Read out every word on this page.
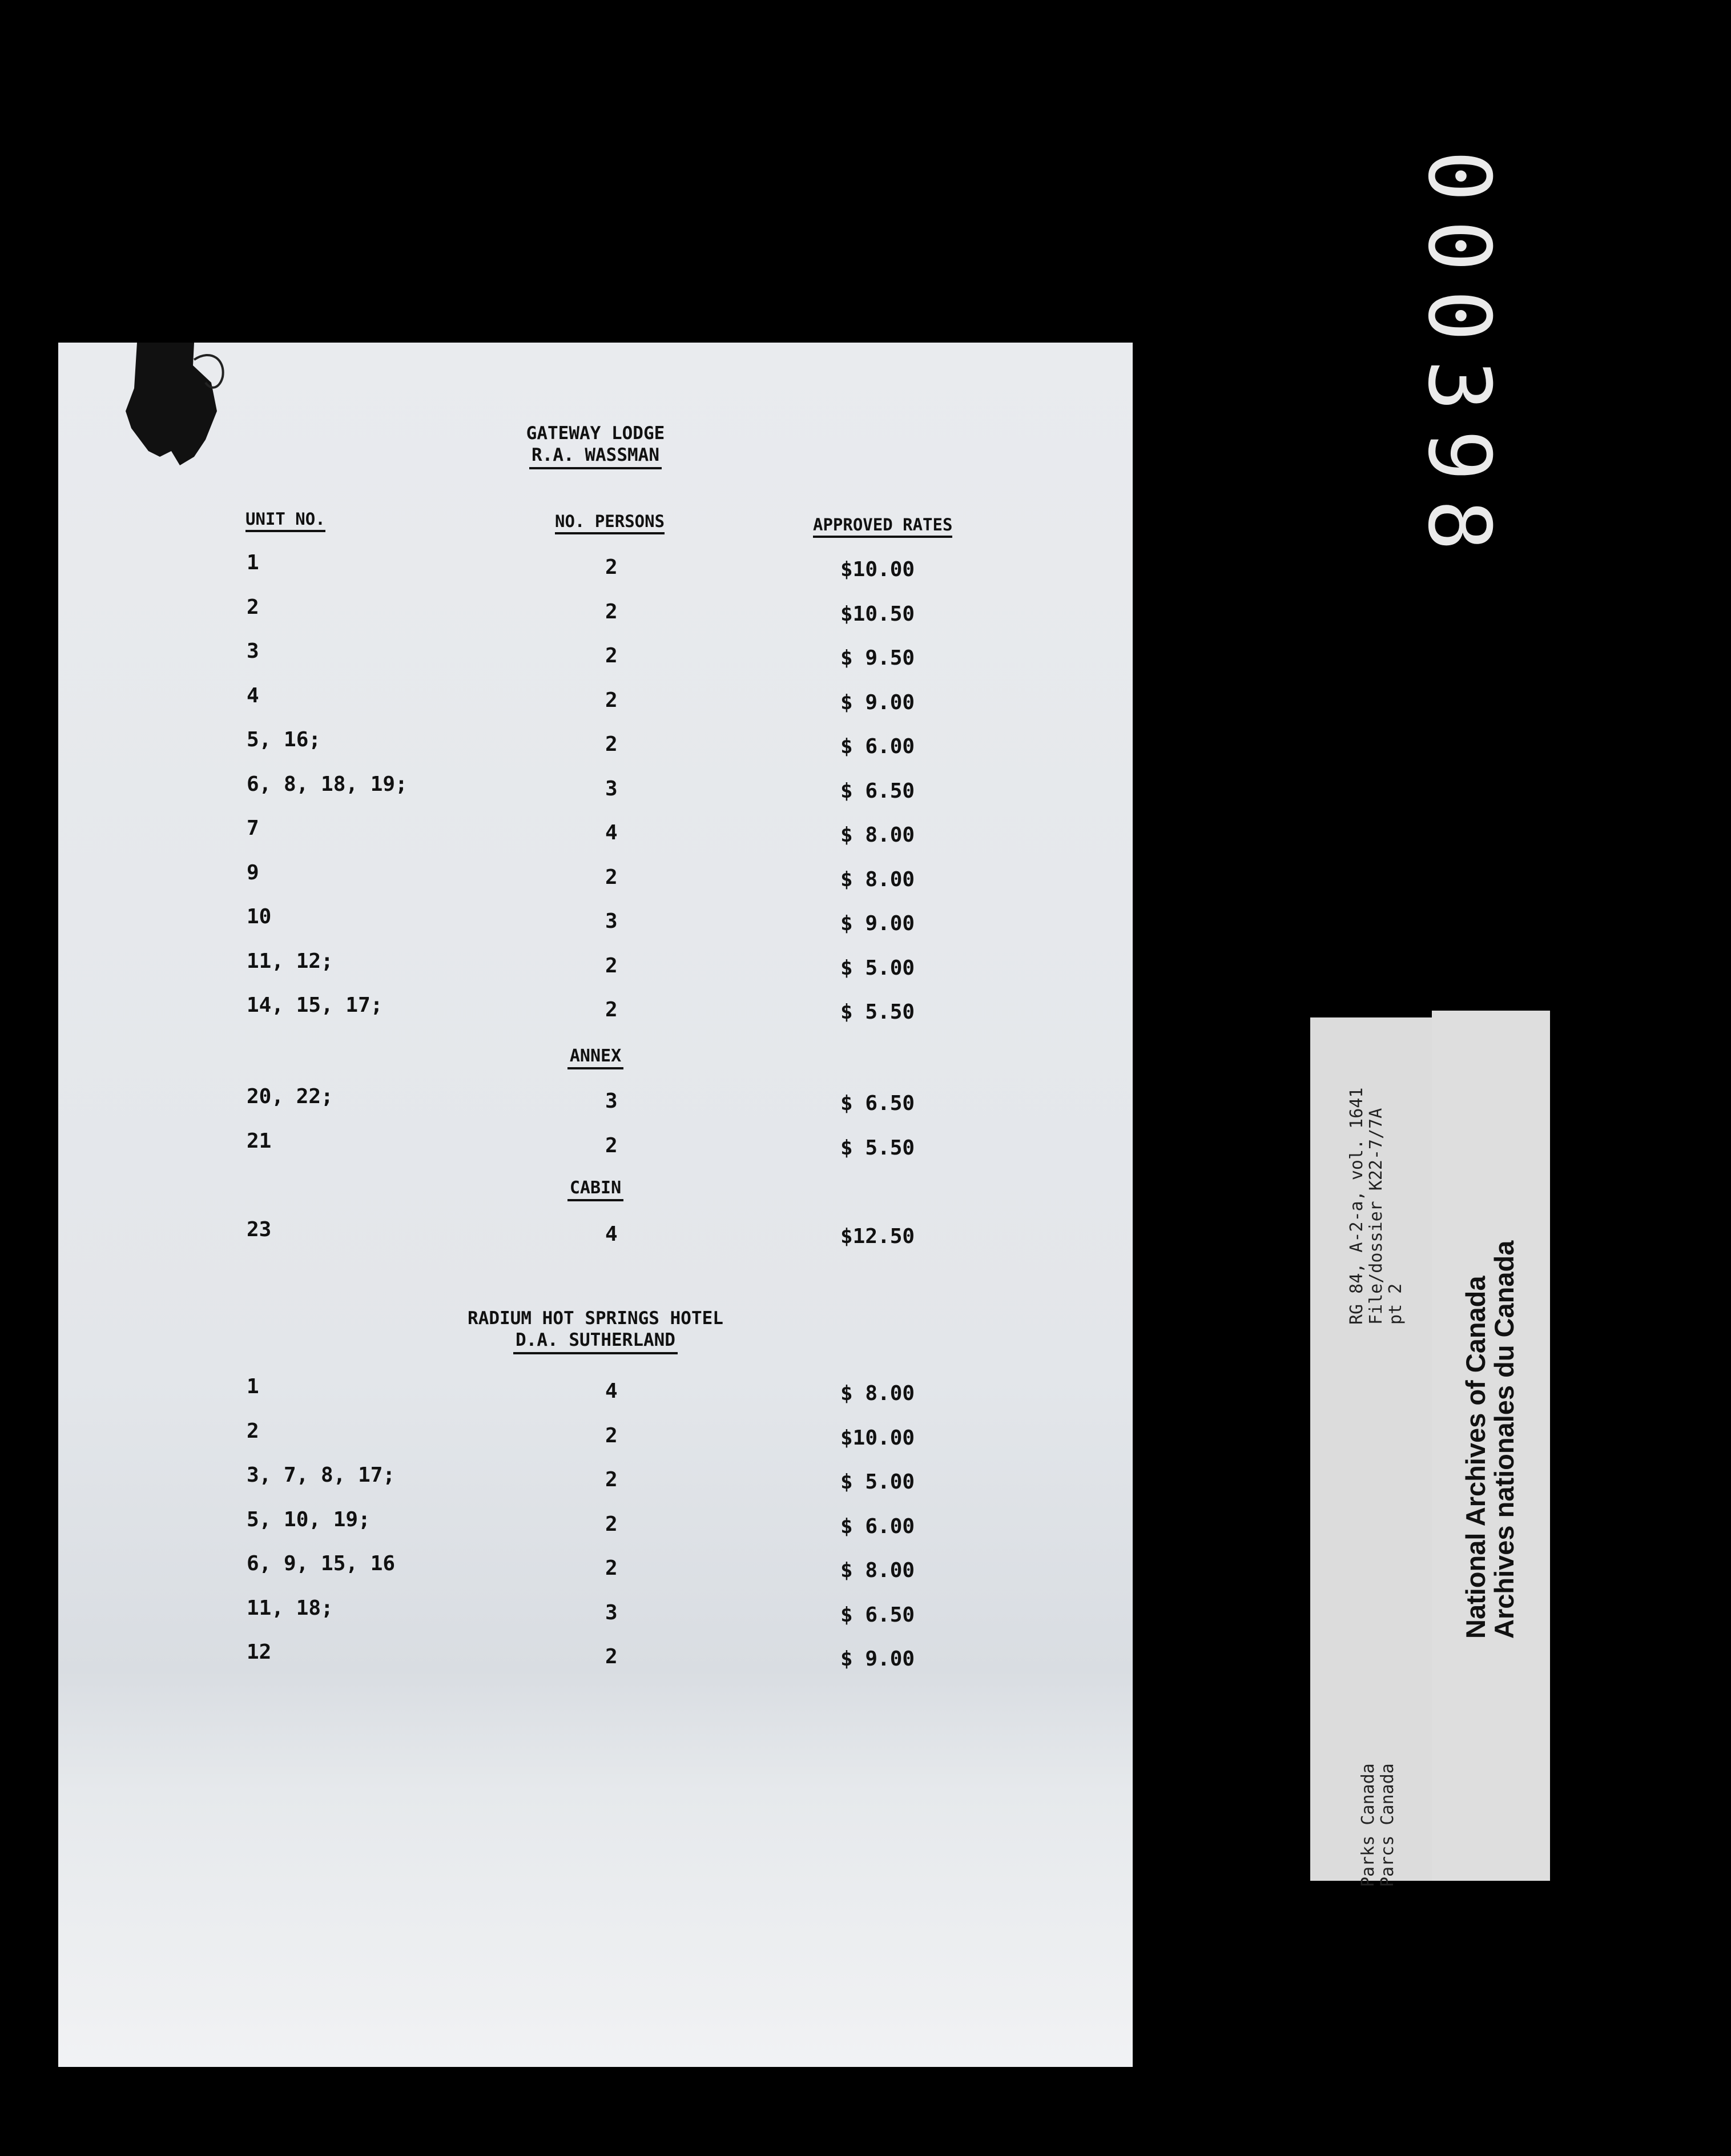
GATEWAY LODGE
R.A. WASSMAN
UNIT NO.	NO. PERSONS	APPROVED RATES
1	2	$10.00
2	2	$10.50
3	2	$ 9.50
4	2	$ 9.00
5, 16;	2	$ 6.00
6, 8, 18, 19;	3	$ 6.50
7	4	$ 8.00
9	2	$ 8.00
10	3	$ 9.00
11, 12;	2	$ 5.00
14, 15, 17;	2	$ 5.50
ANNEX
20, 22;	3	$ 6.50
21	2	$ 5.50
CABIN
23	4	$12.50
RADIUM HOT SPRINGS HOTEL
D.A. SUTHERLAND
1	4	$ 8.00
2	2	$10.00
3, 7, 8, 17;	2	$ 5.00
5, 10, 19;	2	$ 6.00
6, 9, 15, 16	2	$ 8.00
11, 18;	3	$ 6.50
12	2	$ 9.00
000398
RG 84, A-2-a, vol. 1641 File/dossier K22-7/7A pt 2
Parks Canada Parcs Canada
National Archives of Canada
Archives nationales du Canada
